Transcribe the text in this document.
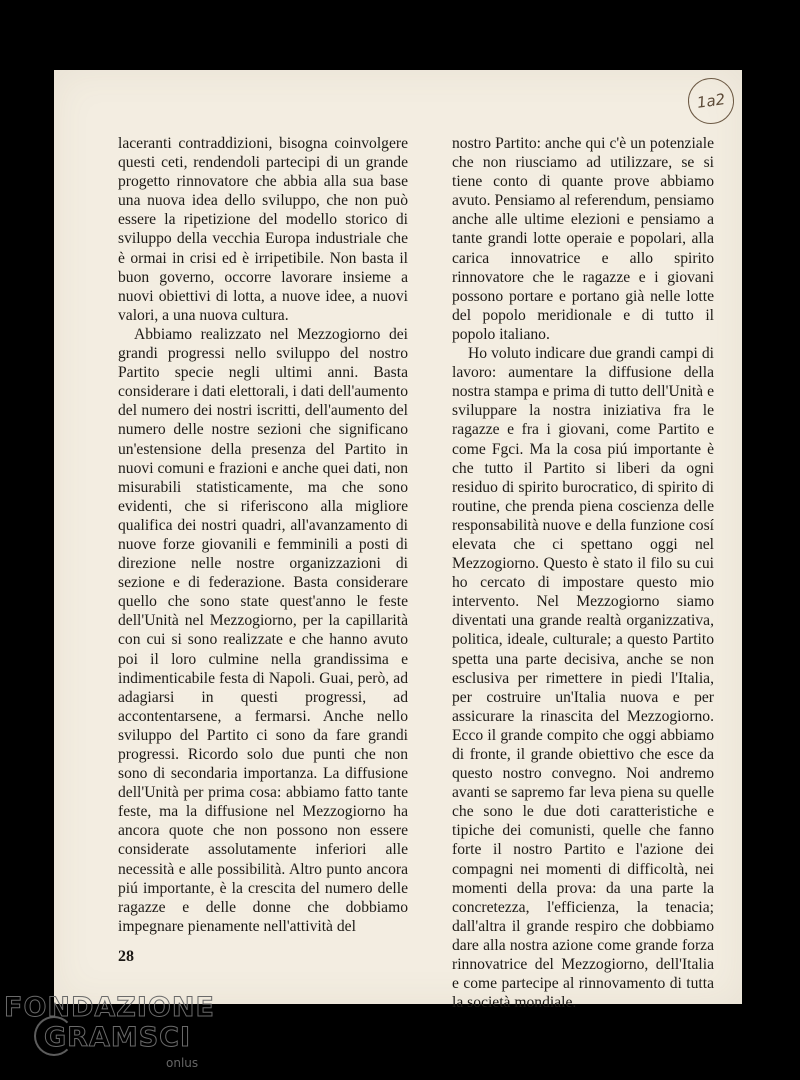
1a2

laceranti contraddizioni, bisogna coinvolgere questi ceti, rendendoli partecipi di un grande progetto rinnovatore che abbia alla sua base una nuova idea dello sviluppo, che non può essere la ripetizione del modello storico di sviluppo della vecchia Europa industriale che è ormai in crisi ed è irripetibile. Non basta il buon governo, occorre lavorare insieme a nuovi obiettivi di lotta, a nuove idee, a nuovi valori, a una nuova cultura.

Abbiamo realizzato nel Mezzogiorno dei grandi progressi nello sviluppo del nostro Partito specie negli ultimi anni. Basta considerare i dati elettorali, i dati dell'aumento del numero dei nostri iscritti, dell'aumento del numero delle nostre sezioni che significano un'estensione della presenza del Partito in nuovi comuni e frazioni e anche quei dati, non misurabili statisticamente, ma che sono evidenti, che si riferiscono alla migliore qualifica dei nostri quadri, all'avanzamento di nuove forze giovanili e femminili a posti di direzione nelle nostre organizzazioni di sezione e di federazione. Basta considerare quello che sono state quest'anno le feste dell'Unità nel Mezzogiorno, per la capillarità con cui si sono realizzate e che hanno avuto poi il loro culmine nella grandissima e indimenticabile festa di Napoli. Guai, però, ad adagiarsi in questi progressi, ad accontentarsene, a fermarsi. Anche nello sviluppo del Partito ci sono da fare grandi progressi. Ricordo solo due punti che non sono di secondaria importanza. La diffusione dell'Unità per prima cosa: abbiamo fatto tante feste, ma la diffusione nel Mezzogiorno ha ancora quote che non possono non essere considerate assolutamente inferiori alle necessità e alle possibilità. Altro punto ancora piú importante, è la crescita del numero delle ragazze e delle donne che dobbiamo impegnare pienamente nell'attività del

nostro Partito: anche qui c'è un potenziale che non riusciamo ad utilizzare, se si tiene conto di quante prove abbiamo avuto. Pensiamo al referendum, pensiamo anche alle ultime elezioni e pensiamo a tante grandi lotte operaie e popolari, alla carica innovatrice e allo spirito rinnovatore che le ragazze e i giovani possono portare e portano già nelle lotte del popolo meridionale e di tutto il popolo italiano.

Ho voluto indicare due grandi campi di lavoro: aumentare la diffusione della nostra stampa e prima di tutto dell'Unità e sviluppare la nostra iniziativa fra le ragazze e fra i giovani, come Partito e come Fgci. Ma la cosa piú importante è che tutto il Partito si liberi da ogni residuo di spirito burocratico, di spirito di routine, che prenda piena coscienza delle responsabilità nuove e della funzione cosí elevata che ci spettano oggi nel Mezzogiorno. Questo è stato il filo su cui ho cercato di impostare questo mio intervento. Nel Mezzogiorno siamo diventati una grande realtà organizzativa, politica, ideale, culturale; a questo Partito spetta una parte decisiva, anche se non esclusiva per rimettere in piedi l'Italia, per costruire un'Italia nuova e per assicurare la rinascita del Mezzogiorno. Ecco il grande compito che oggi abbiamo di fronte, il grande obiettivo che esce da questo nostro convegno. Noi andremo avanti se sapremo far leva piena su quelle che sono le due doti caratteristiche e tipiche dei comunisti, quelle che fanno forte il nostro Partito e l'azione dei compagni nei momenti di difficoltà, nei momenti della prova: da una parte la concretezza, l'efficienza, la tenacia; dall'altra il grande respiro che dobbiamo dare alla nostra azione come grande forza rinnovatrice del Mezzogiorno, dell'Italia e come partecipe al rinnovamento di tutta la società mondiale.

28
FONDAZIONE
GRAMSCI
onlus
